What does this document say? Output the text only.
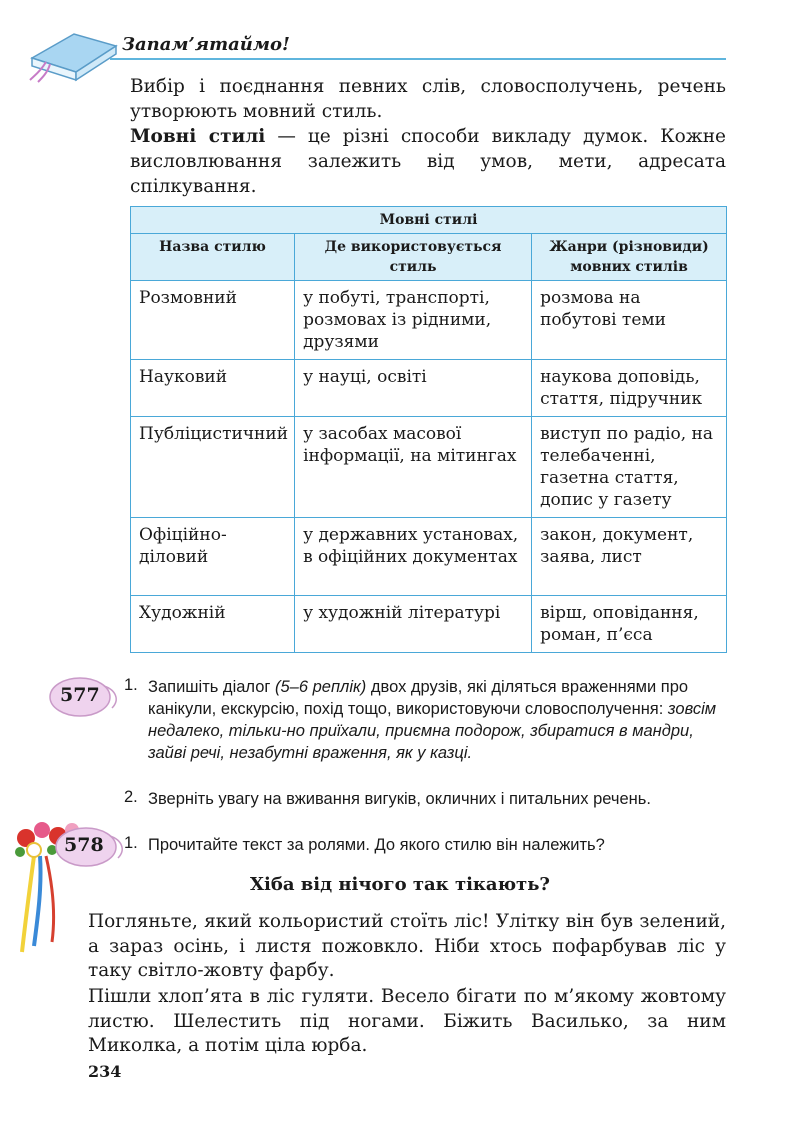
Запам’ятаймо!
Вибір і поєднання певних слів, словосполучень, речень утворюють мовний стиль.
Мовні стилі — це різні способи викладу думок. Кожне висловлювання залежить від умов, мети, адресата спілкування.
Мовні стилі		
Назва стилю	Де використовується стиль	Жанри (різновиди) мовних стилів
Розмовний	у побуті, транспорті, розмовах із рідними, друзями	розмова на побутові теми
Науковий	у науці, освіті	наукова доповідь, стаття, підручник
Публіцистичний	у засобах масової інформації, на мітингах	виступ по радіо, на телебаченні, газетна стаття, допис у газету
Офіційно-діловий	у державних установах, в офіційних документах	закон, документ, заява, лист
Художній	у художній літературі	вірш, оповідання, роман, п’єса
577 1. Запишіть діалог (5–6 реплік) двох друзів, які діляться враженнями про канікули, екскурсію, похід тощо, використовуючи словосполучення: зовсім недалеко, тільки-но приїхали, приємна подорож, збиратися в мандри, зайві речі, незабутні враження, як у казці.
2. Зверніть увагу на вживання вигуків, окличних і питальних речень.
578 1. Прочитайте текст за ролями. До якого стилю він належить?
Хіба від нічого так тікають?
Погляньте, який кольористий стоїть ліс! Улітку він був зелений, а зараз осінь, і листя пожовкло. Ніби хтось пофарбував ліс у таку світло-жовту фарбу.
Пішли хлоп’ята в ліс гуляти. Весело бігати по м’якому жовтому листю. Шелестить під ногами. Біжить Василько, за ним Миколка, а потім ціла юрба.
234
